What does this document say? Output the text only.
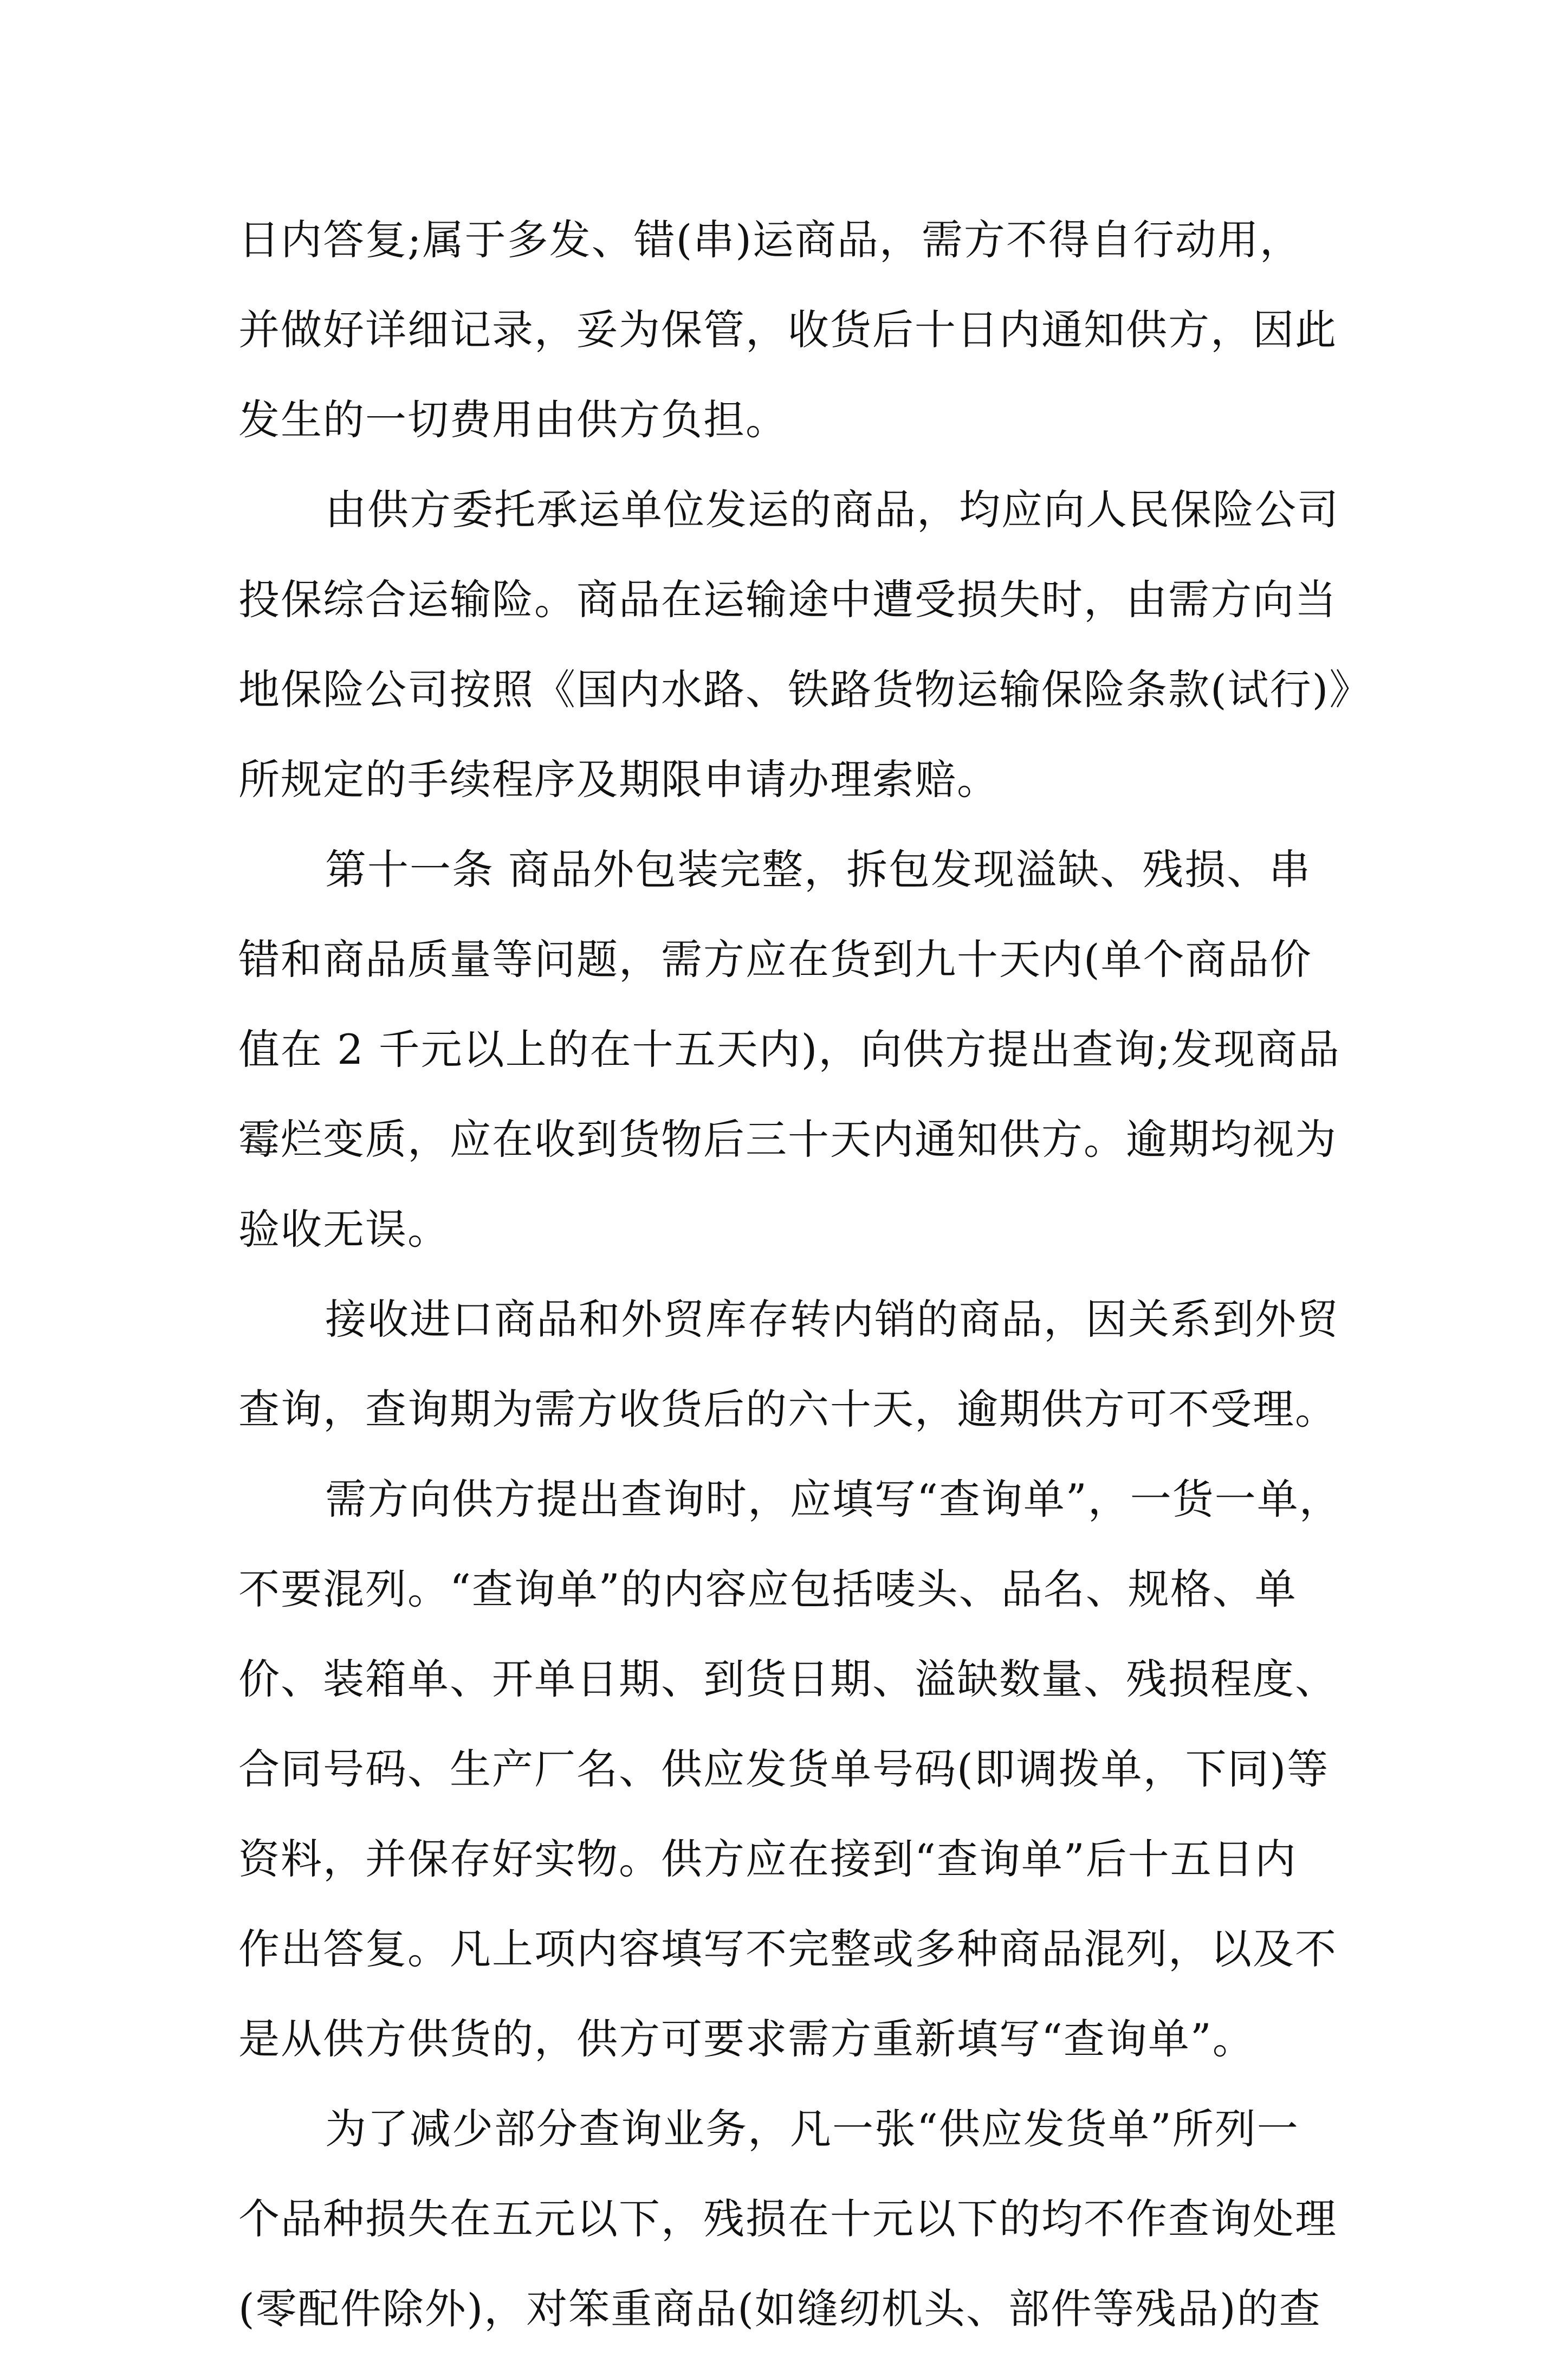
日内答复;属于多发、错(串)运商品，需方不得自行动用，
并做好详细记录，妥为保管，收货后十日内通知供方，因此
发生的一切费用由供方负担。
由供方委托承运单位发运的商品，均应向人民保险公司
投保综合运输险。商品在运输途中遭受损失时，由需方向当
地保险公司按照《国内水路、铁路货物运输保险条款(试行)》
所规定的手续程序及期限申请办理索赔。
第十一条 商品外包装完整，拆包发现溢缺、残损、串
错和商品质量等问题，需方应在货到九十天内(单个商品价
值在 2 千元以上的在十五天内)，向供方提出查询;发现商品
霉烂变质，应在收到货物后三十天内通知供方。逾期均视为
验收无误。
接收进口商品和外贸库存转内销的商品，因关系到外贸
查询，查询期为需方收货后的六十天，逾期供方可不受理。
需方向供方提出查询时，应填写“查询单”，一货一单，
不要混列。“查询单”的内容应包括唛头、品名、规格、单
价、装箱单、开单日期、到货日期、溢缺数量、残损程度、
合同号码、生产厂名、供应发货单号码(即调拨单，下同)等
资料，并保存好实物。供方应在接到“查询单”后十五日内
作出答复。凡上项内容填写不完整或多种商品混列，以及不
是从供方供货的，供方可要求需方重新填写“查询单”。
为了减少部分查询业务，凡一张“供应发货单”所列一
个品种损失在五元以下，残损在十元以下的均不作查询处理
(零配件除外)，对笨重商品(如缝纫机头、部件等残品)的查
